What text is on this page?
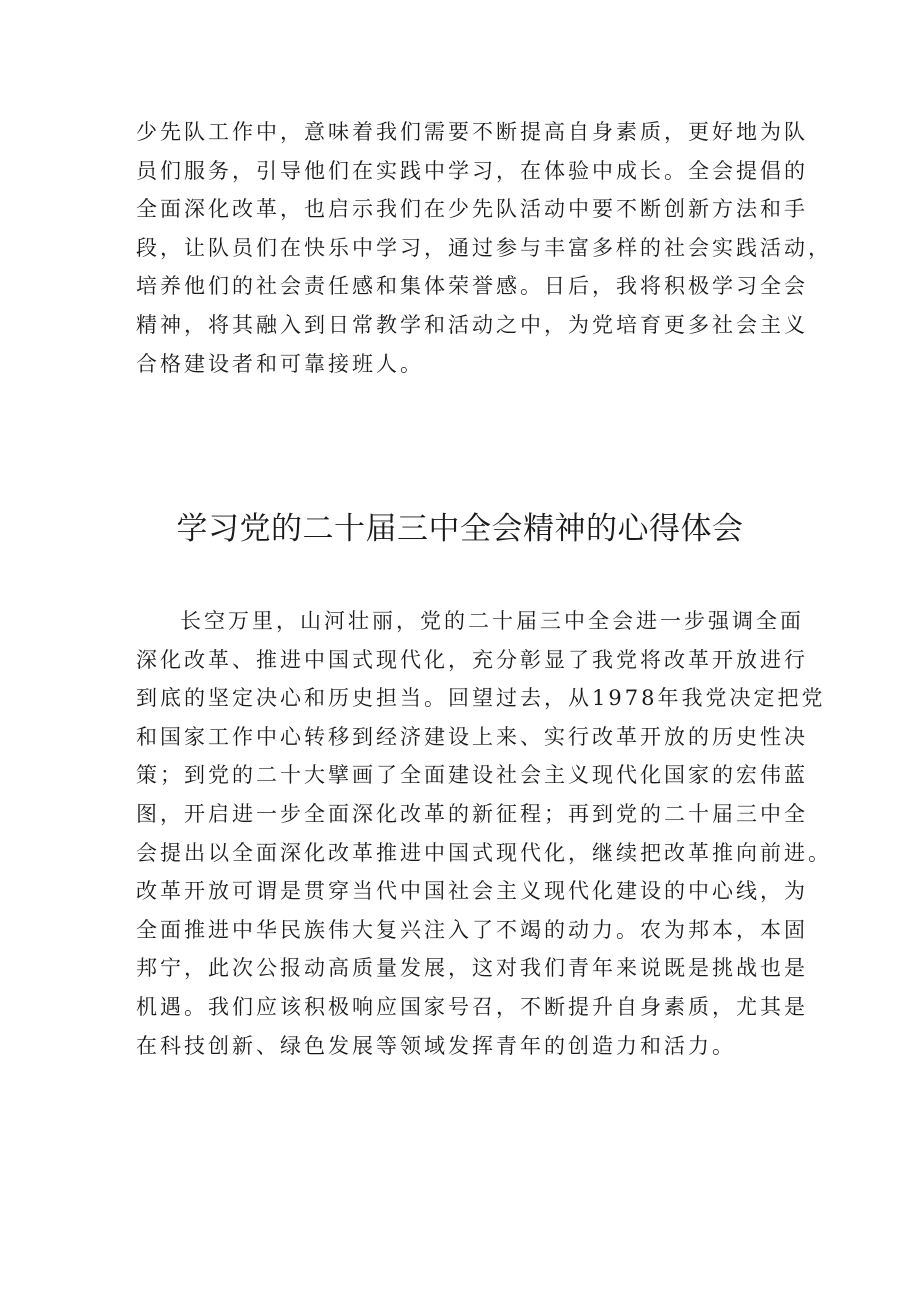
少先队工作中，意味着我们需要不断提高自身素质，更好地为队
员们服务，引导他们在实践中学习，在体验中成长。全会提倡的
全面深化改革，也启示我们在少先队活动中要不断创新方法和手
段，让队员们在快乐中学习，通过参与丰富多样的社会实践活动，
培养他们的社会责任感和集体荣誉感。日后，我将积极学习全会
精神，将其融入到日常教学和活动之中，为党培育更多社会主义
合格建设者和可靠接班人。
学习党的二十届三中全会精神的心得体会
长空万里，山河壮丽，党的二十届三中全会进一步强调全面
深化改革、推进中国式现代化，充分彰显了我党将改革开放进行
到底的坚定决心和历史担当。回望过去，从1978年我党决定把党
和国家工作中心转移到经济建设上来、实行改革开放的历史性决
策；到党的二十大擘画了全面建设社会主义现代化国家的宏伟蓝
图，开启进一步全面深化改革的新征程；再到党的二十届三中全
会提出以全面深化改革推进中国式现代化，继续把改革推向前进。
改革开放可谓是贯穿当代中国社会主义现代化建设的中心线，为
全面推进中华民族伟大复兴注入了不竭的动力。农为邦本，本固
邦宁，此次公报动高质量发展，这对我们青年来说既是挑战也是
机遇。我们应该积极响应国家号召，不断提升自身素质，尤其是
在科技创新、绿色发展等领域发挥青年的创造力和活力。
